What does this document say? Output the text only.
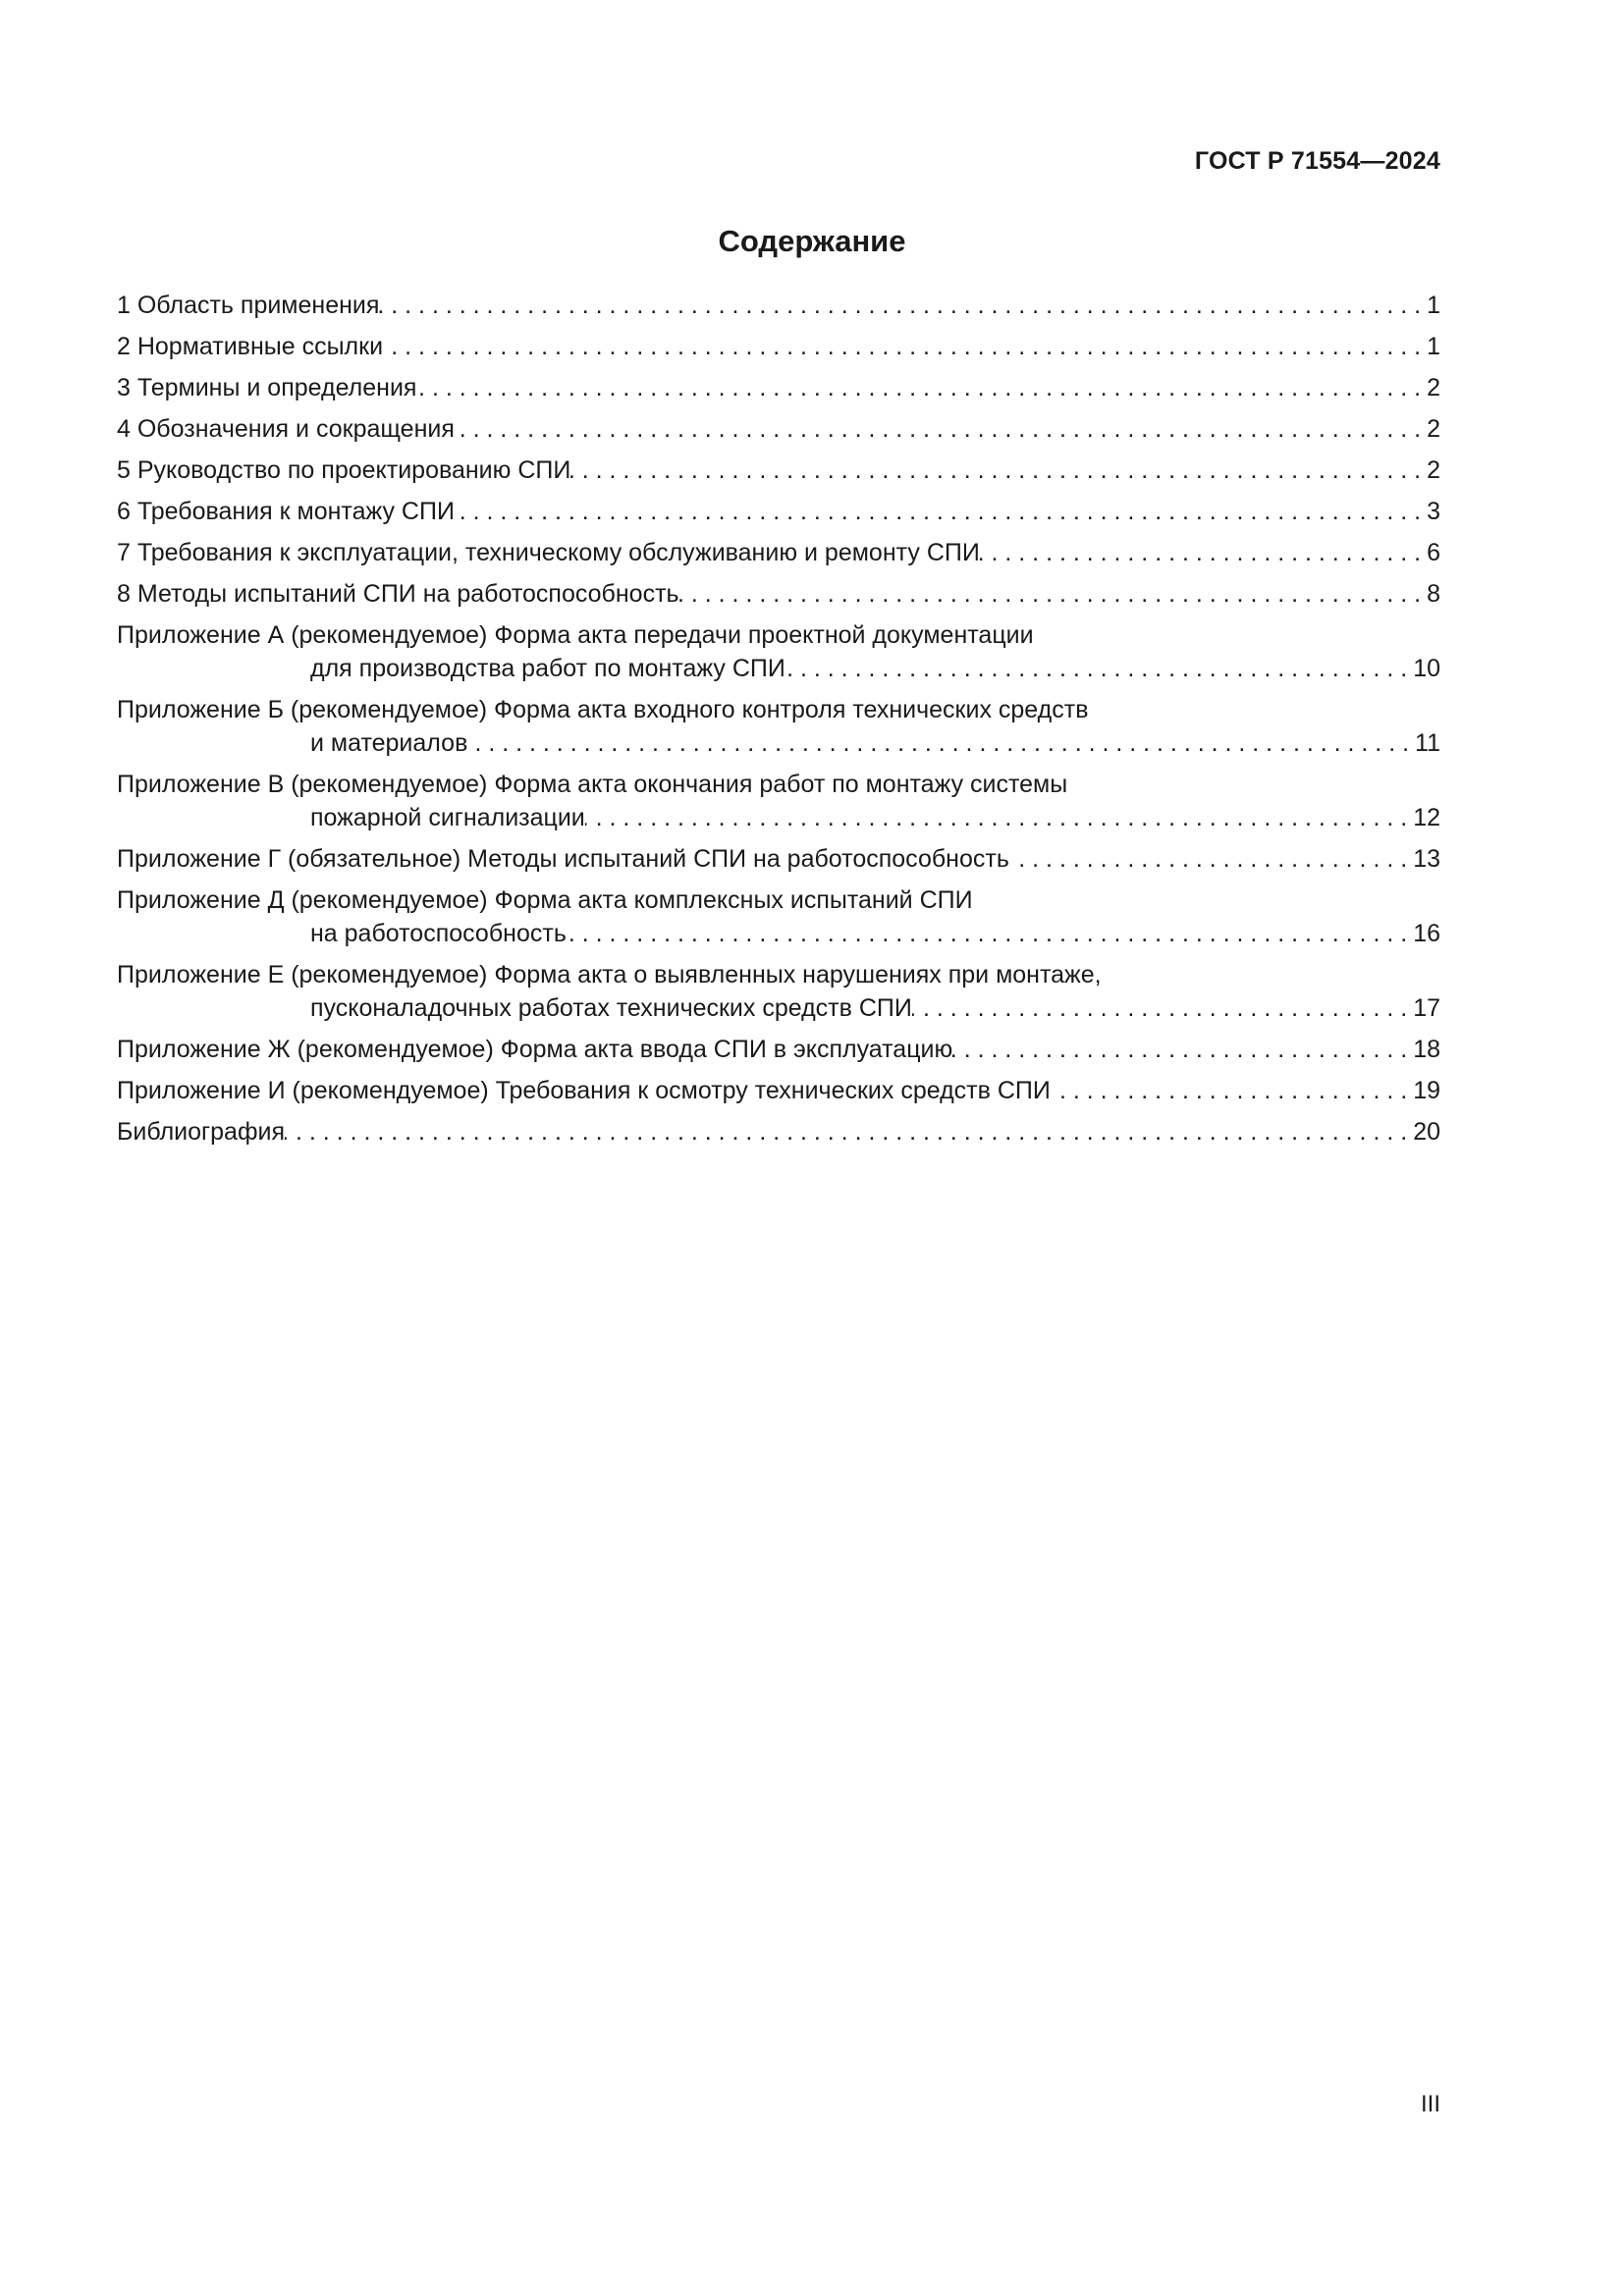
ГОСТ Р 71554—2024
Содержание
1 Область применения . . .	1
2 Нормативные ссылки . . .	1
3 Термины и определения . . .	2
4 Обозначения и сокращения . . .	2
5 Руководство по проектированию СПИ . . .	2
6 Требования к монтажу СПИ . . .	3
7 Требования к эксплуатации, техническому обслуживанию и ремонту СПИ . . .	6
8 Методы испытаний СПИ на работоспособность . . .	8
Приложение А (рекомендуемое) Форма акта передачи проектной документации
для производства работ по монтажу СПИ . . .	10
Приложение Б (рекомендуемое) Форма акта входного контроля технических средств
и материалов . . .	11
Приложение В (рекомендуемое) Форма акта окончания работ по монтажу системы
пожарной сигнализации . . .	12
Приложение Г (обязательное) Методы испытаний СПИ на работоспособность . . .	13
Приложение Д (рекомендуемое) Форма акта комплексных испытаний СПИ
на работоспособность . . .	16
Приложение Е (рекомендуемое) Форма акта о выявленных нарушениях при монтаже,
пусконаладочных работах технических средств СПИ . . .	17
Приложение Ж (рекомендуемое) Форма акта ввода СПИ в эксплуатацию . . .	18
Приложение И (рекомендуемое) Требования к осмотру технических средств СПИ . . .	19
Библиография . . .	20
III
